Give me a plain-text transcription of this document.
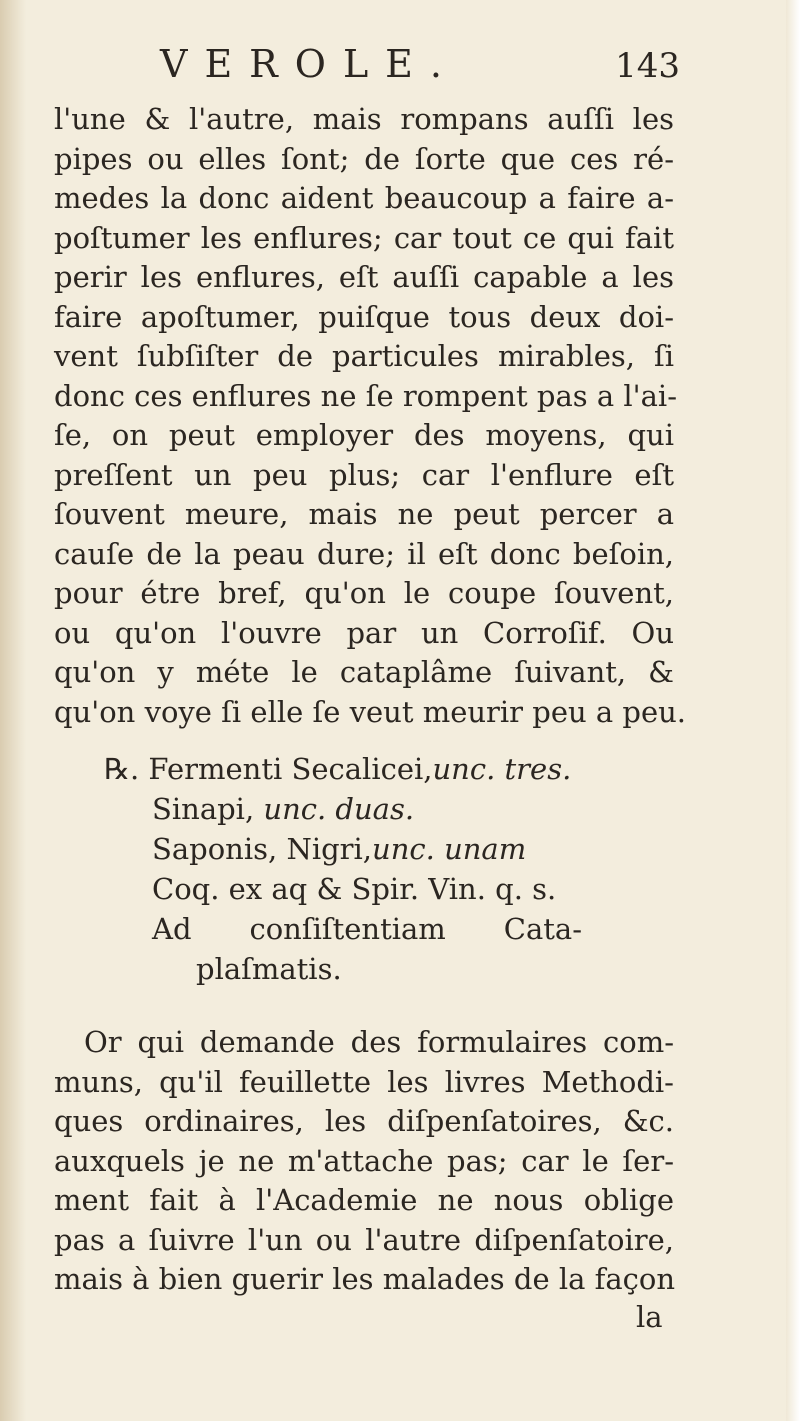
VEROLE.	143
l'une & l'autre, mais rompans auſſi les
pipes ou elles ſont; de ſorte que ces ré-
medes la donc aident beaucoup a faire a-
poſtumer les enflures; car tout ce qui fait
perir les enflures, eſt auſſi capable a les
faire apoſtumer, puiſque tous deux doi-
vent ſubſiſter de particules mirables, ſi
donc ces enflures ne ſe rompent pas a l'ai-
ſe, on peut employer des moyens, qui
preſſent un peu plus; car l'enflure eſt
ſouvent meure, mais ne peut percer a
cauſe de la peau dure; il eſt donc beſoin,
pour étre bref, qu'on le coupe ſouvent,
ou qu'on l'ouvre par un Corroſif. Ou
qu'on y méte le cataplâme ſuivant, &
qu'on voye ſi elle ſe veut meurir peu a peu.
℞. Fermenti Secalicei,unc. tres.
Sinapi, unc. duas.
Saponis, Nigri,unc. unam
Coq. ex aq & Spir. Vin. q. s.
Ad conſiſtentiam Cata-
plaſmatis.
Or qui demande des formulaires com-
muns, qu'il feuillette les livres Methodi-
ques ordinaires, les diſpenſatoires, &c.
auxquels je ne m'attache pas; car le ſer-
ment fait à l'Academie ne nous oblige
pas a ſuivre l'un ou l'autre diſpenſatoire,
mais à bien guerir les malades de la façon
la
